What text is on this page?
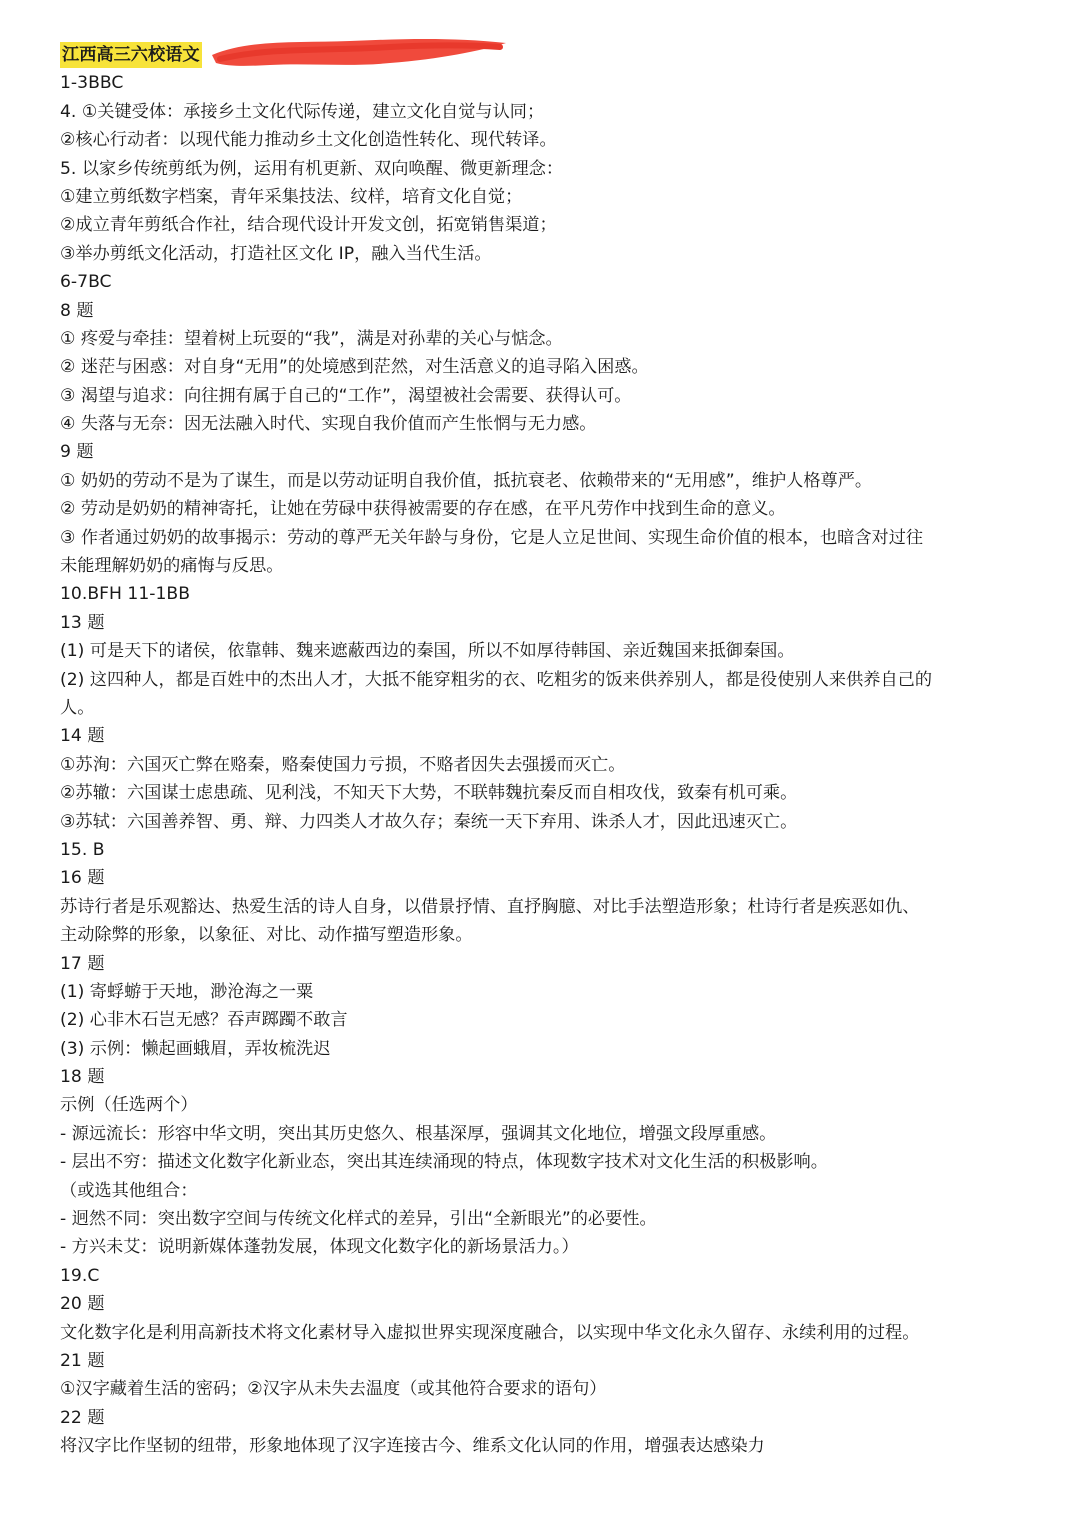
江西高三六校语文
1-3BBC
4. ①关键受体：承接乡土文化代际传递，建立文化自觉与认同；
②核心行动者：以现代能力推动乡土文化创造性转化、现代转译。
5. 以家乡传统剪纸为例，运用有机更新、双向唤醒、微更新理念：
①建立剪纸数字档案，青年采集技法、纹样，培育文化自觉；
②成立青年剪纸合作社，结合现代设计开发文创，拓宽销售渠道；
③举办剪纸文化活动，打造社区文化 IP，融入当代生活。
6-7BC
8 题
① 疼爱与牵挂：望着树上玩耍的“我”，满是对孙辈的关心与惦念。
② 迷茫与困惑：对自身“无用”的处境感到茫然，对生活意义的追寻陷入困惑。
③ 渴望与追求：向往拥有属于自己的“工作”，渴望被社会需要、获得认可。
④ 失落与无奈：因无法融入时代、实现自我价值而产生怅惘与无力感。
9 题
① 奶奶的劳动不是为了谋生，而是以劳动证明自我价值，抵抗衰老、依赖带来的“无用感”，维护人格尊严。
② 劳动是奶奶的精神寄托，让她在劳碌中获得被需要的存在感，在平凡劳作中找到生命的意义。
③ 作者通过奶奶的故事揭示：劳动的尊严无关年龄与身份，它是人立足世间、实现生命价值的根本，也暗含对过往
未能理解奶奶的痛悔与反思。
10.BFH 11-1BB
13 题
(1) 可是天下的诸侯，依靠韩、魏来遮蔽西边的秦国，所以不如厚待韩国、亲近魏国来抵御秦国。
(2) 这四种人，都是百姓中的杰出人才，大抵不能穿粗劣的衣、吃粗劣的饭来供养别人，都是役使别人来供养自己的
人。
14 题
①苏洵：六国灭亡弊在赂秦，赂秦使国力亏损，不赂者因失去强援而灭亡。
②苏辙：六国谋士虑患疏、见利浅，不知天下大势，不联韩魏抗秦反而自相攻伐，致秦有机可乘。
③苏轼：六国善养智、勇、辩、力四类人才故久存；秦统一天下弃用、诛杀人才，因此迅速灭亡。
15. B
16 题
苏诗行者是乐观豁达、热爱生活的诗人自身，以借景抒情、直抒胸臆、对比手法塑造形象；杜诗行者是疾恶如仇、
主动除弊的形象，以象征、对比、动作描写塑造形象。
17 题
(1) 寄蜉蝣于天地，渺沧海之一粟
(2) 心非木石岂无感？吞声踯躅不敢言
(3) 示例：懒起画蛾眉，弄妆梳洗迟
18 题
示例（任选两个）
- 源远流长：形容中华文明，突出其历史悠久、根基深厚，强调其文化地位，增强文段厚重感。
- 层出不穷：描述文化数字化新业态，突出其连续涌现的特点，体现数字技术对文化生活的积极影响。
（或选其他组合：
- 迥然不同：突出数字空间与传统文化样式的差异，引出“全新眼光”的必要性。
- 方兴未艾：说明新媒体蓬勃发展，体现文化数字化的新场景活力。）
19.C
20 题
文化数字化是利用高新技术将文化素材导入虚拟世界实现深度融合，以实现中华文化永久留存、永续利用的过程。
21 题
①汉字藏着生活的密码；②汉字从未失去温度（或其他符合要求的语句）
22 题
将汉字比作坚韧的纽带，形象地体现了汉字连接古今、维系文化认同的作用，增强表达感染力
